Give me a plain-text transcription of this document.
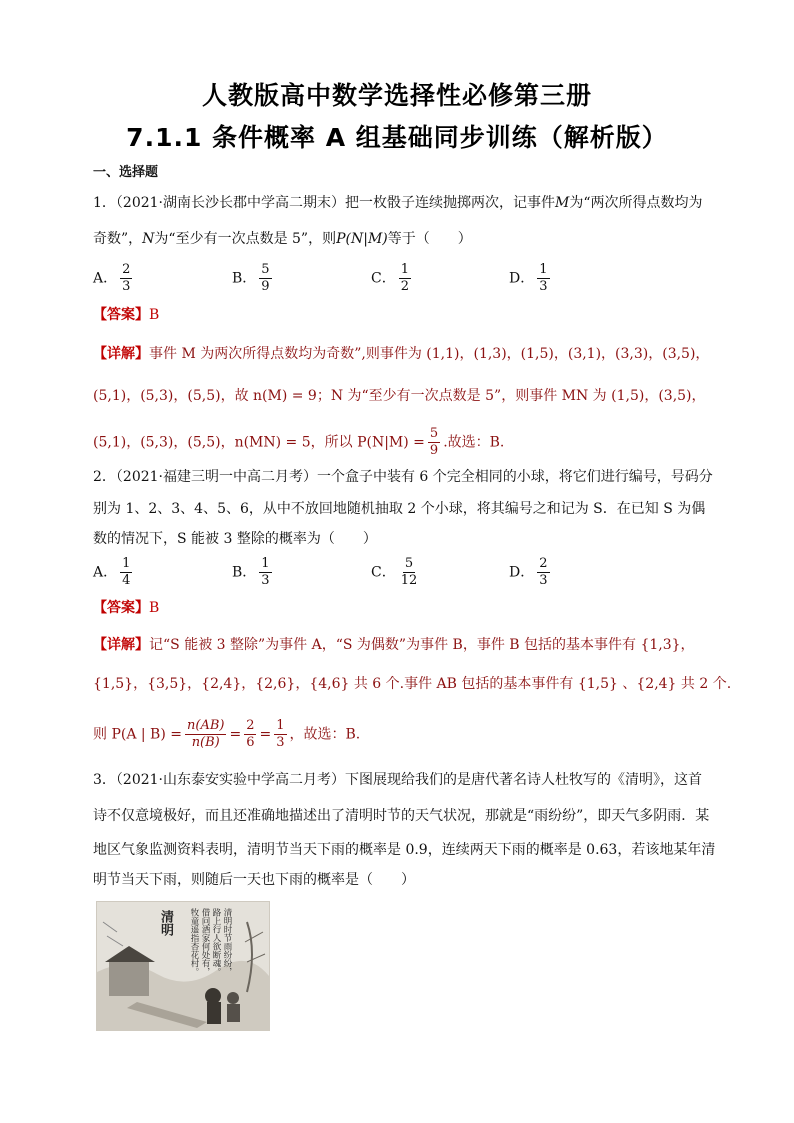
人教版高中数学选择性必修第三册
7.1.1 条件概率 A 组基础同步训练（解析版）
一、选择题
1．（2021·湖南长沙长郡中学高二期末）把一枚骰子连续抛掷两次，记事件M为“两次所得点数均为
奇数”，N为“至少有一次点数是 5”，则P(N|M)等于（　　）
A． $\frac{2}{3}$	B． $\frac{5}{9}$	C． $\frac{1}{2}$	D． $\frac{1}{3}$
【答案】B
【详解】事件 M 为两次所得点数均为奇数”,则事件为 (1,1)，(1,3)，(1,5)，(3,1)，(3,3)，(3,5)，
(5,1)，(5,3)，(5,5)，故 n(M) = 9；N 为“至少有一次点数是 5”，则事件 MN 为 (1,5)，(3,5)，
(5,1)，(5,3)，(5,5)，n(MN) = 5，所以 $P(N|M) = \frac{5}{9}$ .故选：B.
2．（2021·福建三明一中高二月考）一个盒子中装有 6 个完全相同的小球，将它们进行编号，号码分
别为 1、2、3、4、5、6，从中不放回地随机抽取 2 个小球，将其编号之和记为 S．在已知 S 为偶
数的情况下，S 能被 3 整除的概率为（　　）
A． $\frac{1}{4}$	B． $\frac{1}{3}$	C． $\frac{5}{12}$	D． $\frac{2}{3}$
【答案】B
【详解】记“S 能被 3 整除”为事件 A，“S 为偶数”为事件 B，事件 B 包括的基本事件有 {1,3}，
{1,5}，{3,5}，{2,4}，{2,6}，{4,6} 共 6 个.事件 AB 包括的基本事件有 {1,5} 、{2,4} 共 2 个.
则 P(A | $B) = \frac{n(AB)}{n(B)} = \frac{2}{6} = \frac{1}{3}$ ，故选：B.
3．（2021·山东泰安实验中学高二月考）下图展现给我们的是唐代著名诗人杜牧写的《清明》，这首
诗不仅意境极好，而且还准确地描述出了清明时节的天气状况，那就是“雨纷纷”，即天气多阴雨．某
地区气象监测资料表明，清明节当天下雨的概率是 0.9，连续两天下雨的概率是 0.63，若该地某年清
明节当天下雨，则随后一天也下雨的概率是（　　）
清明	清明时节雨纷纷，
路上行人欲断魂。
借问酒家何处有，
牧童遥指杏花村。
